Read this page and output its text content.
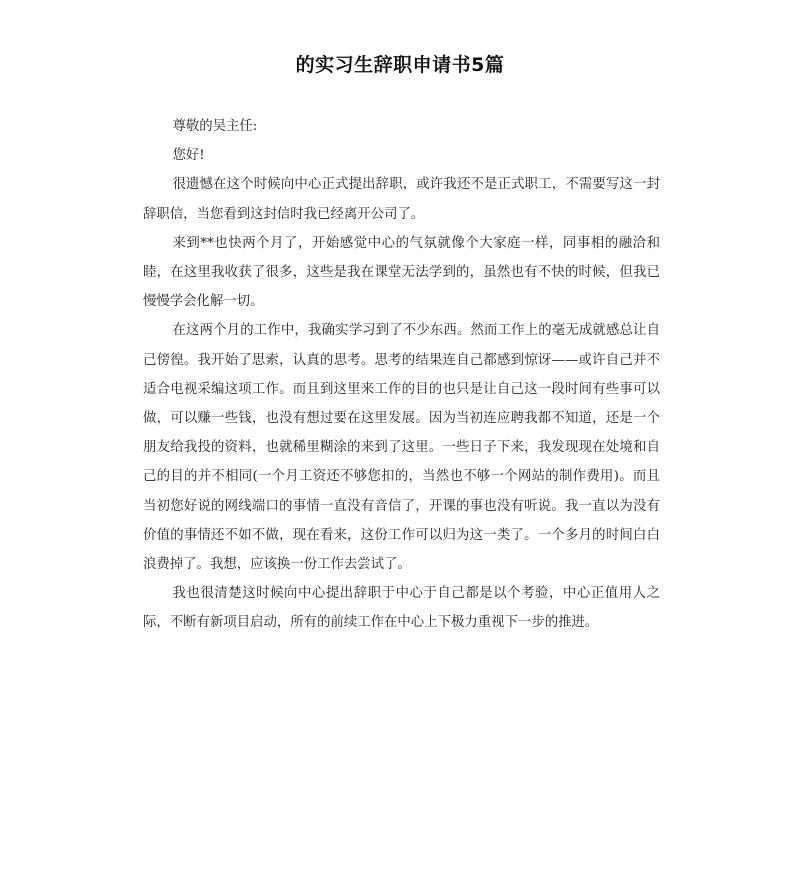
的实习生辞职申请书5篇

尊敬的吴主任:

您好!

很遗憾在这个时候向中心正式提出辞职，或许我还不是正式职工，不需要写这一封辞职信，当您看到这封信时我已经离开公司了。

来到**也快两个月了，开始感觉中心的气氛就像个大家庭一样，同事相的融洽和睦，在这里我收获了很多，这些是我在课堂无法学到的，虽然也有不快的时候，但我已慢慢学会化解一切。

在这两个月的工作中，我确实学习到了不少东西。然而工作上的毫无成就感总让自己傍徨。我开始了思索，认真的思考。思考的结果连自己都感到惊讶——或许自己并不适合电视采编这项工作。而且到这里来工作的目的也只是让自己这一段时间有些事可以做，可以赚一些钱，也没有想过要在这里发展。因为当初连应聘我都不知道，还是一个朋友给我投的资料，也就稀里糊涂的来到了这里。一些日子下来，我发现现在处境和自己的目的并不相同(一个月工资还不够您扣的，当然也不够一个网站的制作费用)。而且当初您好说的网线端口的事情一直没有音信了，开课的事也没有听说。我一直以为没有价值的事情还不如不做，现在看来，这份工作可以归为这一类了。一个多月的时间白白浪费掉了。我想，应该换一份工作去尝试了。

我也很清楚这时候向中心提出辞职于中心于自己都是以个考验，中心正值用人之际，不断有新项目启动，所有的前续工作在中心上下极力重视下一步的推进。
